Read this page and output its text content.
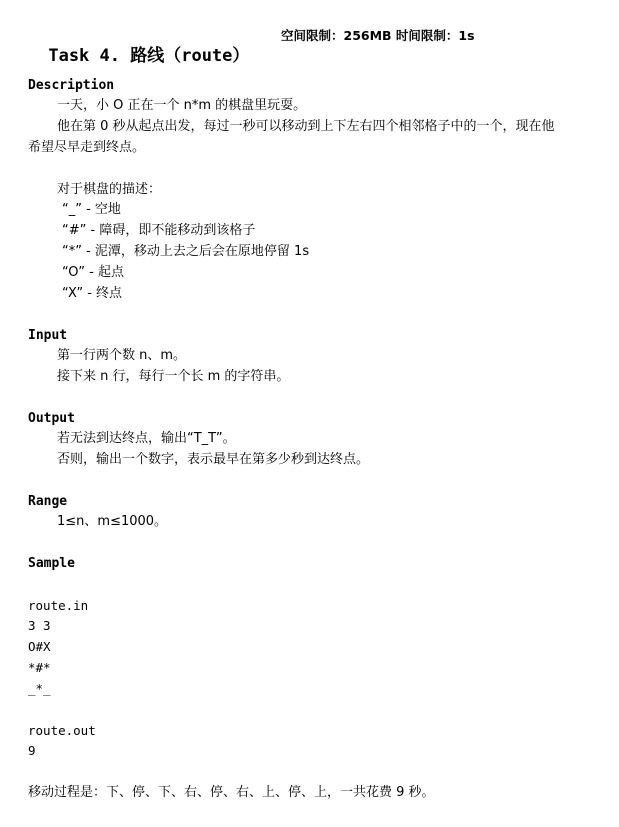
Task 4. 路线（route）

空间限制：256MB 时间限制：1s
Description
一天，小 O 正在一个 n*m 的棋盘里玩耍。
他在第 0 秒从起点出发，每过一秒可以移动到上下左右四个相邻格子中的一个，现在他
希望尽早走到终点。
对于棋盘的描述：
“_” - 空地
“#” - 障碍，即不能移动到该格子
“*” - 泥潭，移动上去之后会在原地停留 1s
“O” - 起点
“X” - 终点
Input
第一行两个数 n、m。
接下来 n 行，每行一个长 m 的字符串。
Output
若无法到达终点，输出“T_T”。
否则，输出一个数字，表示最早在第多少秒到达终点。
Range
1≤n、m≤1000。
Sample
route.in
3 3
O#X
*#*
_*_
route.out
9
移动过程是：下、停、下、右、停、右、上、停、上，一共花费 9 秒。
